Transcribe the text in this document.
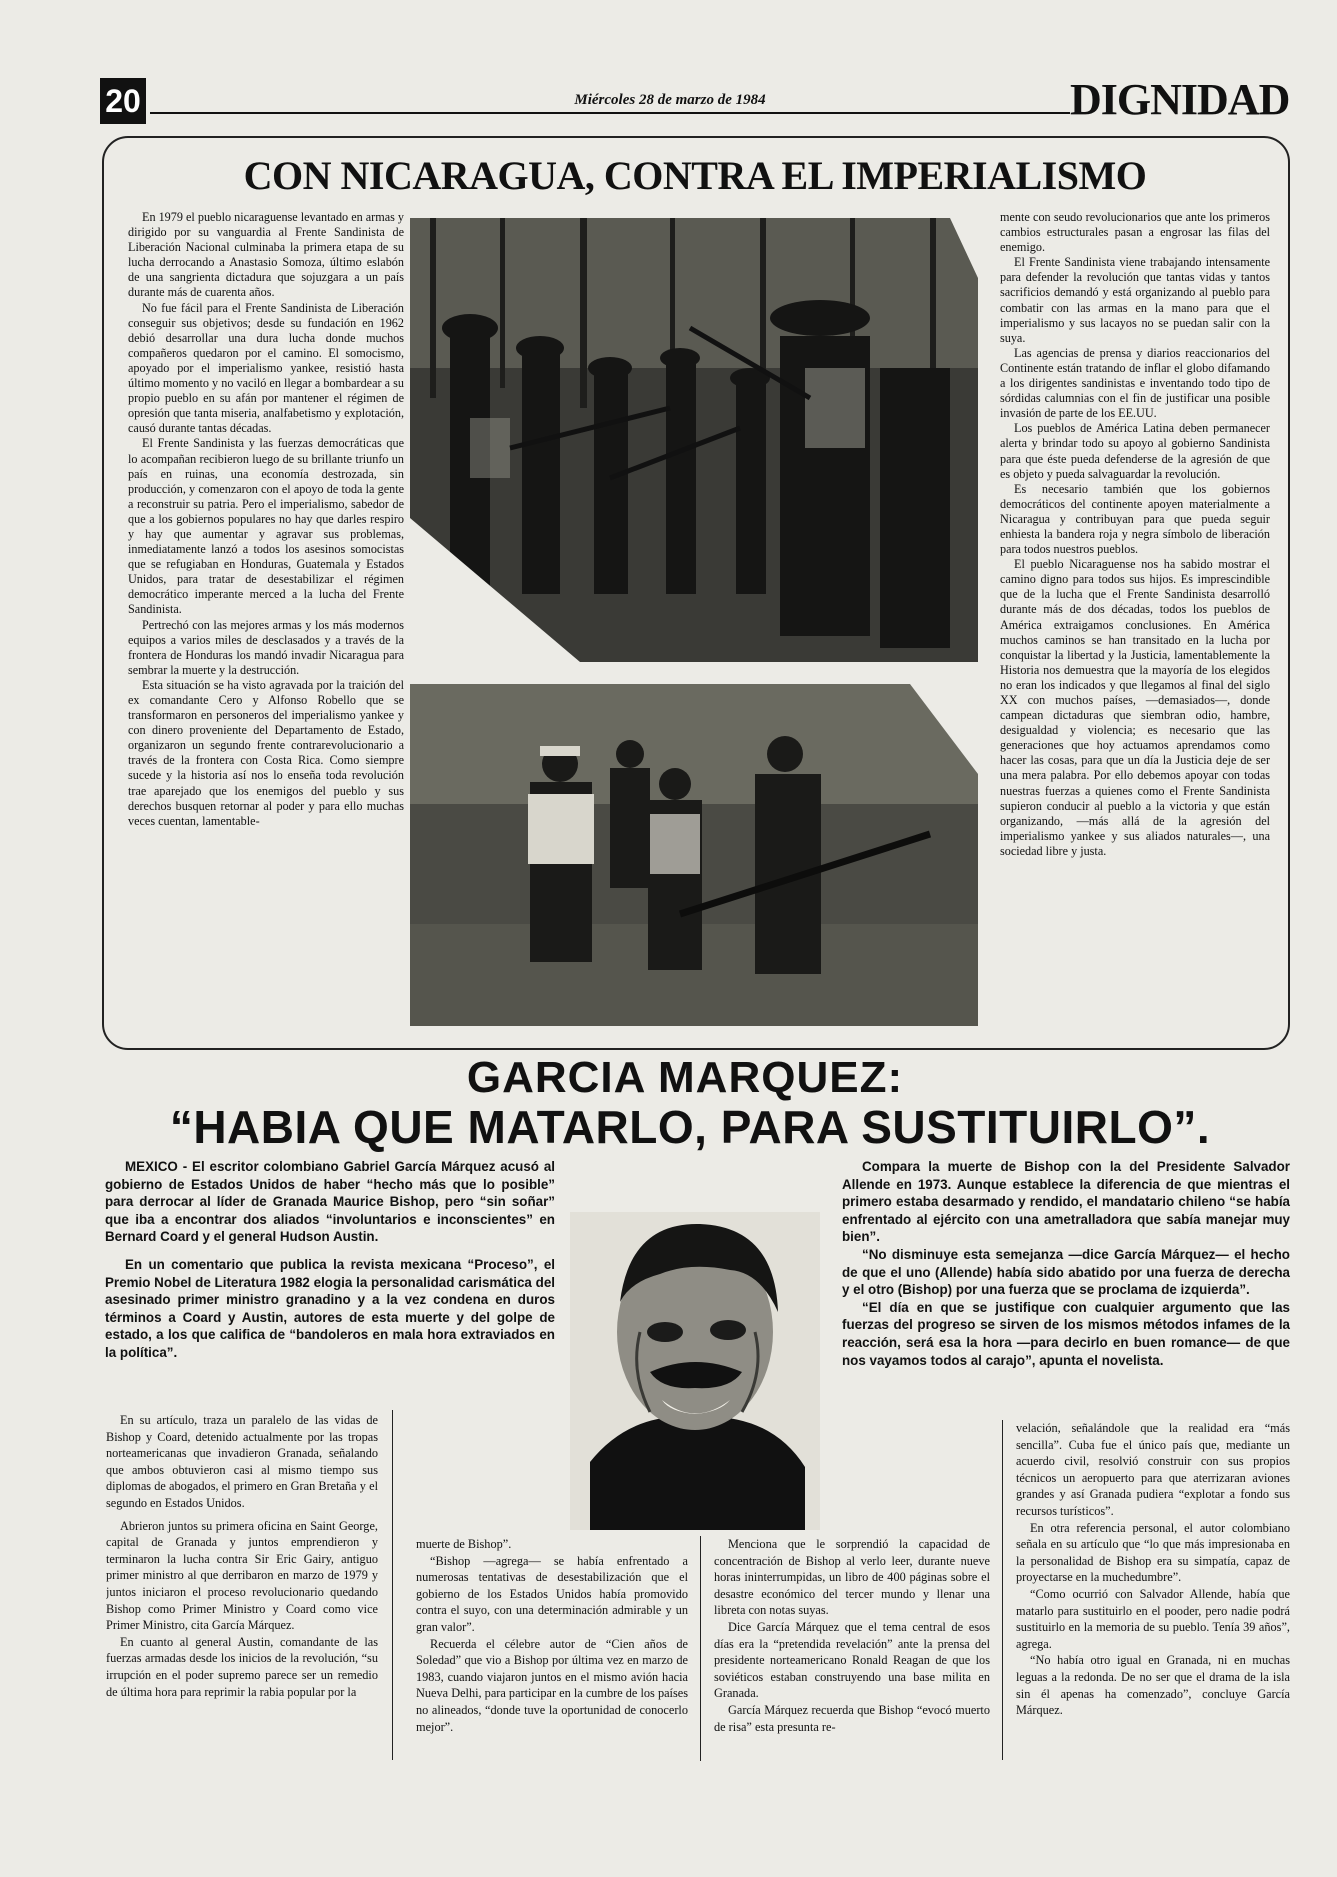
20	Miércoles 28 de marzo de 1984	DIGNIDAD
CON NICARAGUA, CONTRA EL IMPERIALISMO

En 1979 el pueblo nicaraguense levantado en armas y dirigido por su vanguardia al Frente Sandinista de Liberación Nacional culminaba la primera etapa de su lucha derrocando a Anastasio Somoza, último eslabón de una sangrienta dictadura que sojuzgara a un país durante más de cuarenta años.

No fue fácil para el Frente Sandinista de Liberación conseguir sus objetivos; desde su fundación en 1962 debió desarrollar una dura lucha donde muchos compañeros quedaron por el camino. El somocismo, apoyado por el imperialismo yankee, resistió hasta último momento y no vaciló en llegar a bombardear a su propio pueblo en su afán por mantener el régimen de opresión que tanta miseria, analfabetismo y explotación, causó durante tantas décadas.

El Frente Sandinista y las fuerzas democráticas que lo acompañan recibieron luego de su brillante triunfo un país en ruinas, una economía destrozada, sin producción, y comenzaron con el apoyo de toda la gente a reconstruir su patria. Pero el imperialismo, sabedor de que a los gobiernos populares no hay que darles respiro y hay que aumentar y agravar sus problemas, inmediatamente lanzó a todos los asesinos somocistas que se refugiaban en Honduras, Guatemala y Estados Unidos, para tratar de desestabilizar el régimen democrático imperante merced a la lucha del Frente Sandinista.

Pertrechó con las mejores armas y los más modernos equipos a varios miles de desclasados y a través de la frontera de Honduras los mandó invadir Nicaragua para sembrar la muerte y la destrucción.

Esta situación se ha visto agravada por la traición del ex comandante Cero y Alfonso Robello que se transformaron en personeros del imperialismo yankee y con dinero proveniente del Departamento de Estado, organizaron un segundo frente contrarevolucionario a través de la frontera con Costa Rica. Como siempre sucede y la historia así nos lo enseña toda revolución trae aparejado que los enemigos del pueblo y sus derechos busquen retornar al poder y para ello muchas veces cuentan, lamentable-

mente con seudo revolucionarios que ante los primeros cambios estructurales pasan a engrosar las filas del enemigo.

El Frente Sandinista viene trabajando intensamente para defender la revolución que tantas vidas y tantos sacrificios demandó y está organizando al pueblo para combatir con las armas en la mano para que el imperialismo y sus lacayos no se puedan salir con la suya.

Las agencias de prensa y diarios reaccionarios del Continente están tratando de inflar el globo difamando a los dirigentes sandinistas e inventando todo tipo de sórdidas calumnias con el fin de justificar una posible invasión de parte de los EE.UU.

Los pueblos de América Latina deben permanecer alerta y brindar todo su apoyo al gobierno Sandinista para que éste pueda defenderse de la agresión de que es objeto y pueda salvaguardar la revolución.

Es necesario también que los gobiernos democráticos del continente apoyen materialmente a Nicaragua y contribuyan para que pueda seguir enhiesta la bandera roja y negra símbolo de liberación para todos nuestros pueblos.

El pueblo Nicaraguense nos ha sabido mostrar el camino digno para todos sus hijos. Es imprescindible que de la lucha que el Frente Sandinista desarrolló durante más de dos décadas, todos los pueblos de América extraigamos conclusiones. En América muchos caminos se han transitado en la lucha por conquistar la libertad y la Justicia, lamentablemente la Historia nos demuestra que la mayoría de los elegidos no eran los indicados y que llegamos al final del siglo XX con muchos países, —demasiados—, donde campean dictaduras que siembran odio, hambre, desigualdad y violencia; es necesario que las generaciones que hoy actuamos aprendamos como hacer las cosas, para que un día la Justicia deje de ser una mera palabra. Por ello debemos apoyar con todas nuestras fuerzas a quienes como el Frente Sandinista supieron conducir al pueblo a la victoria y que están organizando, —más allá de la agresión del imperialismo yankee y sus aliados naturales—, una sociedad libre y justa.

GARCIA MARQUEZ:
“HABIA QUE MATARLO, PARA SUSTITUIRLO”.

MEXICO - El escritor colombiano Gabriel García Márquez acusó al gobierno de Estados Unidos de haber “hecho más que lo posible” para derrocar al líder de Granada Maurice Bishop, pero “sin soñar” que iba a encontrar dos aliados “involuntarios e inconscientes” en Bernard Coard y el general Hudson Austin.

En un comentario que publica la revista mexicana “Proceso”, el Premio Nobel de Literatura 1982 elogia la personalidad carismática del asesinado primer ministro granadino y a la vez condena en duros términos a Coard y Austin, autores de esta muerte y del golpe de estado, a los que califica de “bandoleros en mala hora extraviados en la política”.

Compara la muerte de Bishop con la del Presidente Salvador Allende en 1973. Aunque establece la diferencia de que mientras el primero estaba desarmado y rendido, el mandatario chileno “se había enfrentado al ejército con una ametralladora que sabía manejar muy bien”.

“No disminuye esta semejanza —dice García Márquez— el hecho de que el uno (Allende) había sido abatido por una fuerza de derecha y el otro (Bishop) por una fuerza que se proclama de izquierda”.

“El día en que se justifique con cualquier argumento que las fuerzas del progreso se sirven de los mismos métodos infames de la reacción, será esa la hora —para decirlo en buen romance— de que nos vayamos todos al carajo”, apunta el novelista.

En su artículo, traza un paralelo de las vidas de Bishop y Coard, detenido actualmente por las tropas norteamericanas que invadieron Granada, señalando que ambos obtuvieron casi al mismo tiempo sus diplomas de abogados, el primero en Gran Bretaña y el segundo en Estados Unidos.

Abrieron juntos su primera oficina en Saint George, capital de Granada y juntos emprendieron y terminaron la lucha contra Sir Eric Gairy, antiguo primer ministro al que derribaron en marzo de 1979 y juntos iniciaron el proceso revolucionario quedando Bishop como Primer Ministro y Coard como vice Primer Ministro, cita García Márquez.

En cuanto al general Austin, comandante de las fuerzas armadas desde los inicios de la revolución, “su irrupción en el poder supremo parece ser un remedio de última hora para reprimir la rabia popular por la

muerte de Bishop”.

“Bishop —agrega— se había enfrentado a numerosas tentativas de desestabilización que el gobierno de los Estados Unidos había promovido contra el suyo, con una determinación admirable y un gran valor”.

Recuerda el célebre autor de “Cien años de Soledad” que vio a Bishop por última vez en marzo de 1983, cuando viajaron juntos en el mismo avión hacia Nueva Delhi, para participar en la cumbre de los países no alineados, “donde tuve la oportunidad de conocerlo mejor”.

Menciona que le sorprendió la capacidad de concentración de Bishop al verlo leer, durante nueve horas ininterrumpidas, un libro de 400 páginas sobre el desastre económico del tercer mundo y llenar una libreta con notas suyas.

Dice García Márquez que el tema central de esos días era la “pretendida revelación” ante la prensa del presidente norteamericano Ronald Reagan de que los soviéticos estaban construyendo una base milita en Granada.

García Márquez recuerda que Bishop “evocó muerto de risa” esta presunta re-

velación, señalándole que la realidad era “más sencilla”. Cuba fue el único país que, mediante un acuerdo civil, resolvió construir con sus propios técnicos un aeropuerto para que aterrizaran aviones grandes y así Granada pudiera “explotar a fondo sus recursos turísticos”.

En otra referencia personal, el autor colombiano señala en su artículo que “lo que más impresionaba en la personalidad de Bishop era su simpatía, capaz de proyectarse en la muchedumbre”.

“Como ocurrió con Salvador Allende, había que matarlo para sustituirlo en el pooder, pero nadie podrá sustituirlo en la memoria de su pueblo. Tenía 39 años”, agrega.

“No había otro igual en Granada, ni en muchas leguas a la redonda. De no ser que el drama de la isla sin él apenas ha comenzado”, concluye García Márquez.
